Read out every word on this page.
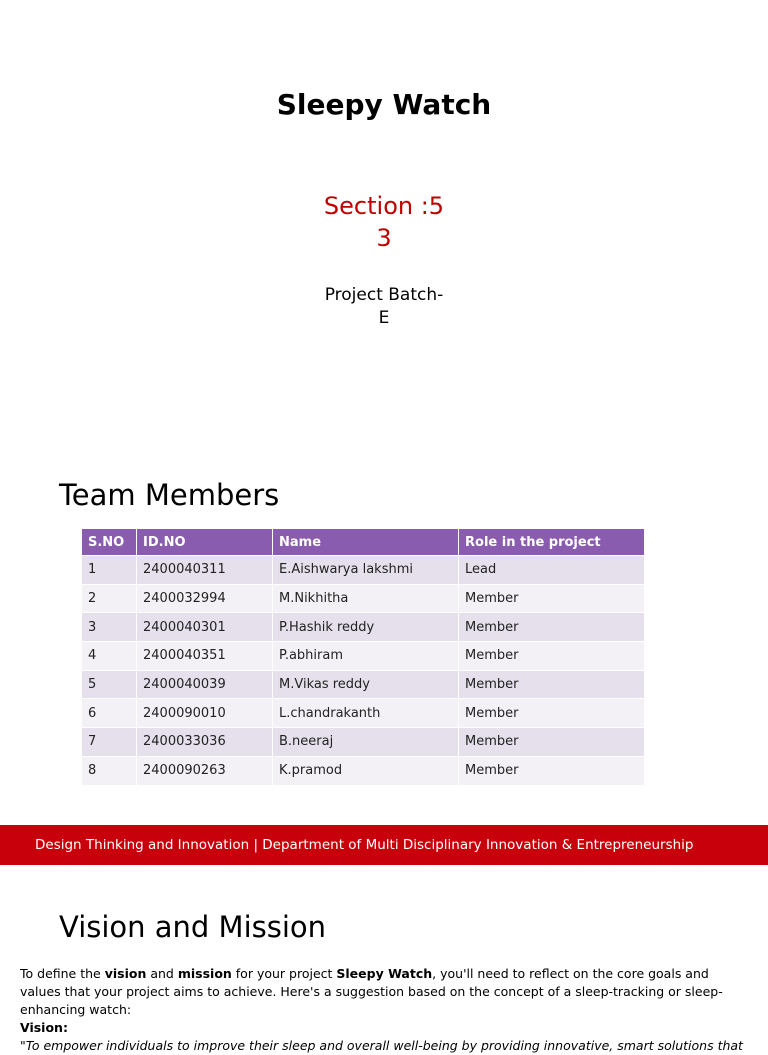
Sleepy Watch
Section :5
3
Project Batch-
E
Team Members
S.NO	ID.NO	Name	Role in the project
1	2400040311	E.Aishwarya lakshmi	Lead
2	2400032994	M.Nikhitha	Member
3	2400040301	P.Hashik reddy	Member
4	2400040351	P.abhiram	Member
5	2400040039	M.Vikas reddy	Member
6	2400090010	L.chandrakanth	Member
7	2400033036	B.neeraj	Member
8	2400090263	K.pramod	Member
Design Thinking and Innovation | Department of Multi Disciplinary Innovation & Entrepreneurship
Vision and Mission
To define the vision and mission for your project Sleepy Watch, you'll need to reflect on the core goals and values that your project aims to achieve. Here's a suggestion based on the concept of a sleep-tracking or sleep-enhancing watch:
Vision:
"To empower individuals to improve their sleep and overall well-being by providing innovative, smart solutions that
